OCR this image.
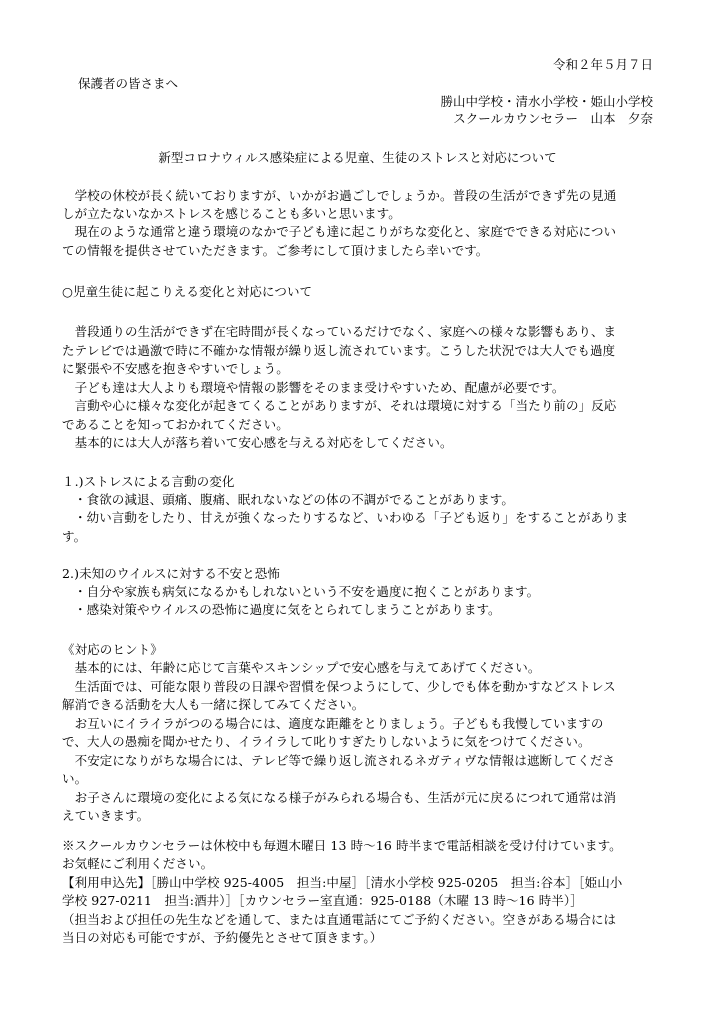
令和２年５月７日
保護者の皆さまへ
勝山中学校・清水小学校・姫山小学校
スクールカウンセラー　山本　夕奈
新型コロナウィルス感染症による児童、生徒のストレスと対応について
　学校の休校が長く続いておりますが、いかがお過ごしでしょうか。普段の生活ができず先の見通
しが立たないなかストレスを感じることも多いと思います。
　現在のような通常と違う環境のなかで子ども達に起こりがちな変化と、家庭でできる対応につい
ての情報を提供させていただきます。ご参考にして頂けましたら幸いです。
○児童生徒に起こりえる変化と対応について
　普段通りの生活ができず在宅時間が長くなっているだけでなく、家庭への様々な影響もあり、ま
たテレビでは過激で時に不確かな情報が繰り返し流されています。こうした状況では大人でも過度
に緊張や不安感を抱きやすいでしょう。
　子ども達は大人よりも環境や情報の影響をそのまま受けやすいため、配慮が必要です。
　言動や心に様々な変化が起きてくることがありますが、それは環境に対する「当たり前の」反応
であることを知っておかれてください。
　基本的には大人が落ち着いて安心感を与える対応をしてください。
１.)ストレスによる言動の変化
・食欲の減退、頭痛、腹痛、眠れないなどの体の不調がでることがあります。
・幼い言動をしたり、甘えが強くなったりするなど、いわゆる「子ども返り」をすることがありま
す。
2.)未知のウイルスに対する不安と恐怖
・自分や家族も病気になるかもしれないという不安を過度に抱くことがあります。
・感染対策やウイルスの恐怖に過度に気をとられてしまうことがあります。
《対応のヒント》
　基本的には、年齢に応じて言葉やスキンシップで安心感を与えてあげてください。
　生活面では、可能な限り普段の日課や習慣を保つようにして、少しでも体を動かすなどストレス
解消できる活動を大人も一緒に探してみてください。
　お互いにイライラがつのる場合には、適度な距離をとりましょう。子どもも我慢していますの
で、大人の愚痴を聞かせたり、イライラして叱りすぎたりしないように気をつけてください。
　不安定になりがちな場合には、テレビ等で繰り返し流されるネガティヴな情報は遮断してくださ
い。
　お子さんに環境の変化による気になる様子がみられる場合も、生活が元に戻るにつれて通常は消
えていきます。
※スクールカウンセラーは休校中も毎週木曜日 13 時～16 時半まで電話相談を受け付けています。
お気軽にご利用ください。
【利用申込先】［勝山中学校 925-4005　担当:中屋］［清水小学校 925-0205　担当:谷本］［姫山小
学校 927-0211　担当:酒井）］［カウンセラー室直通：925-0188（木曜 13 時～16 時半）］
（担当および担任の先生などを通して、または直通電話にてご予約ください。空きがある場合には
当日の対応も可能ですが、予約優先とさせて頂きます。）
